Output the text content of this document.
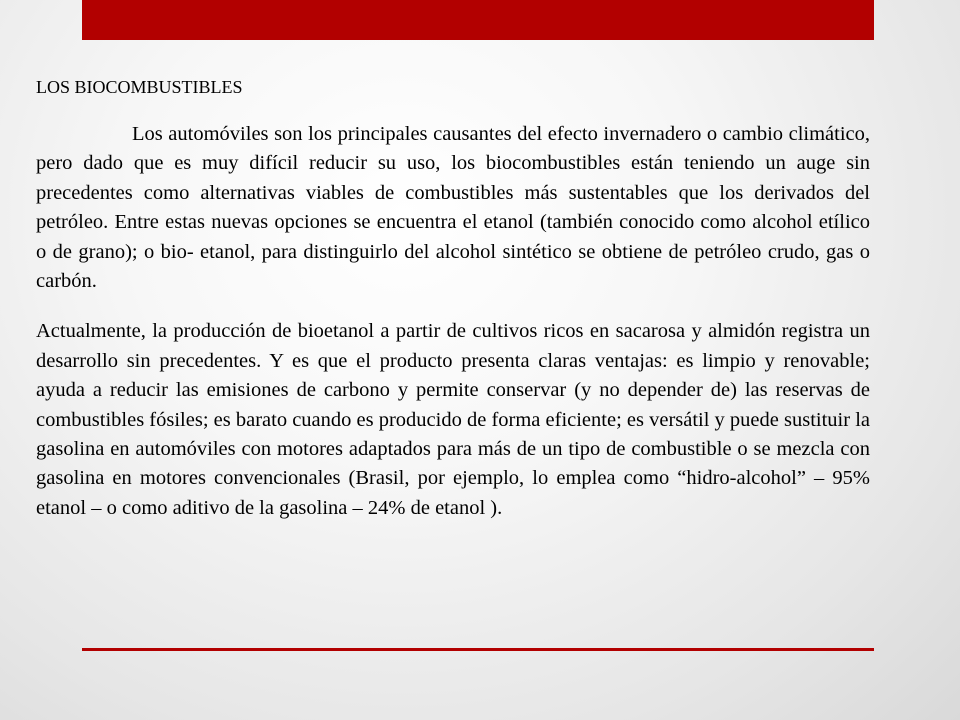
LOS BIOCOMBUSTIBLES

Los automóviles son los principales causantes del efecto invernadero o cambio climático, pero dado que es muy difícil reducir su uso, los biocombustibles están teniendo un auge sin precedentes como alternativas viables de combustibles más sustentables que los derivados del petróleo. Entre estas nuevas opciones se encuentra el etanol (también conocido como alcohol etílico o de grano); o bio- etanol, para distinguirlo del alcohol sintético se obtiene de petróleo crudo, gas o carbón.

Actualmente, la producción de bioetanol a partir de cultivos ricos en sacarosa y almidón registra un desarrollo sin precedentes. Y es que el producto presenta claras ventajas: es limpio y renovable; ayuda a reducir las emisiones de carbono y permite conservar (y no depender de) las reservas de combustibles fósiles; es barato cuando es producido de forma eficiente; es versátil y puede sustituir la gasolina en automóviles con motores adaptados para más de un tipo de combustible o se mezcla con gasolina en motores convencionales (Brasil, por ejemplo, lo emplea como “hidro-alcohol” – 95% etanol – o como aditivo de la gasolina – 24% de etanol ).
